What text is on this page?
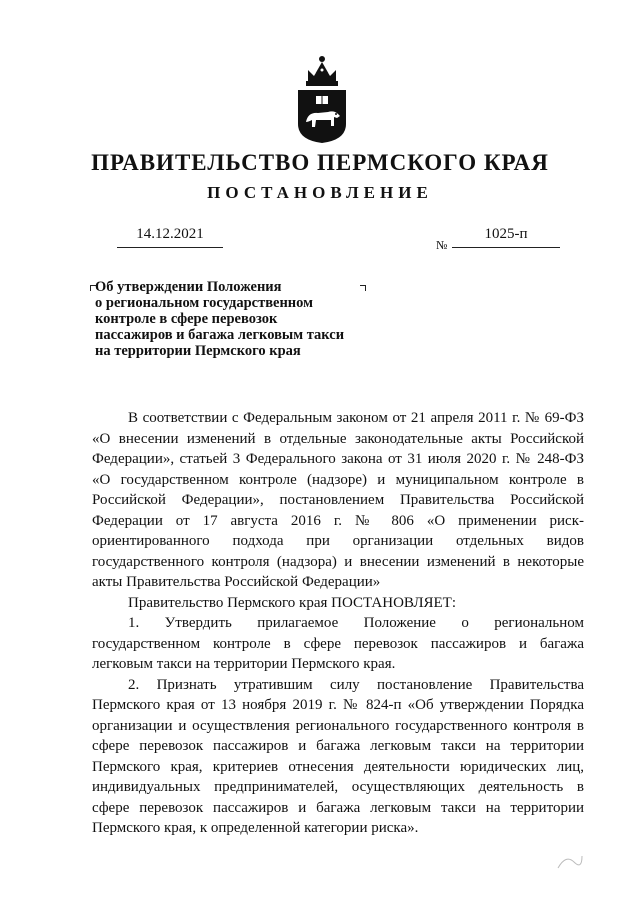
ПРАВИТЕЛЬСТВО ПЕРМСКОГО КРАЯ
ПОСТАНОВЛЕНИЕ
14.12.2021
№
1025-п
Об утверждении Положения
о региональном государственном
контроле в сфере перевозок
пассажиров и багажа легковым такси
на территории Пермского края

В соответствии с Федеральным законом от 21 апреля 2011 г. № 69-ФЗ «О внесении изменений в отдельные законодательные акты Российской Федерации», статьей 3 Федерального закона от 31 июля 2020 г. № 248-ФЗ «О государственном контроле (надзоре) и муниципальном контроле в Российской Федерации», постановлением Правительства Российской Федерации от 17 августа 2016 г. № 806 «О применении риск-ориентированного подхода при организации отдельных видов государственного контроля (надзора) и внесении изменений в некоторые акты Правительства Российской Федерации»

Правительство Пермского края ПОСТАНОВЛЯЕТ:

1. Утвердить прилагаемое Положение о региональном государственном контроле в сфере перевозок пассажиров и багажа легковым такси на территории Пермского края.

2. Признать утратившим силу постановление Правительства Пермского края от 13 ноября 2019 г. № 824-п «Об утверждении Порядка организации и осуществления регионального государственного контроля в сфере перевозок пассажиров и багажа легковым такси на территории Пермского края, критериев отнесения деятельности юридических лиц, индивидуальных предпринимателей, осуществляющих деятельность в сфере перевозок пассажиров и багажа легковым такси на территории Пермского края, к определенной категории риска».
